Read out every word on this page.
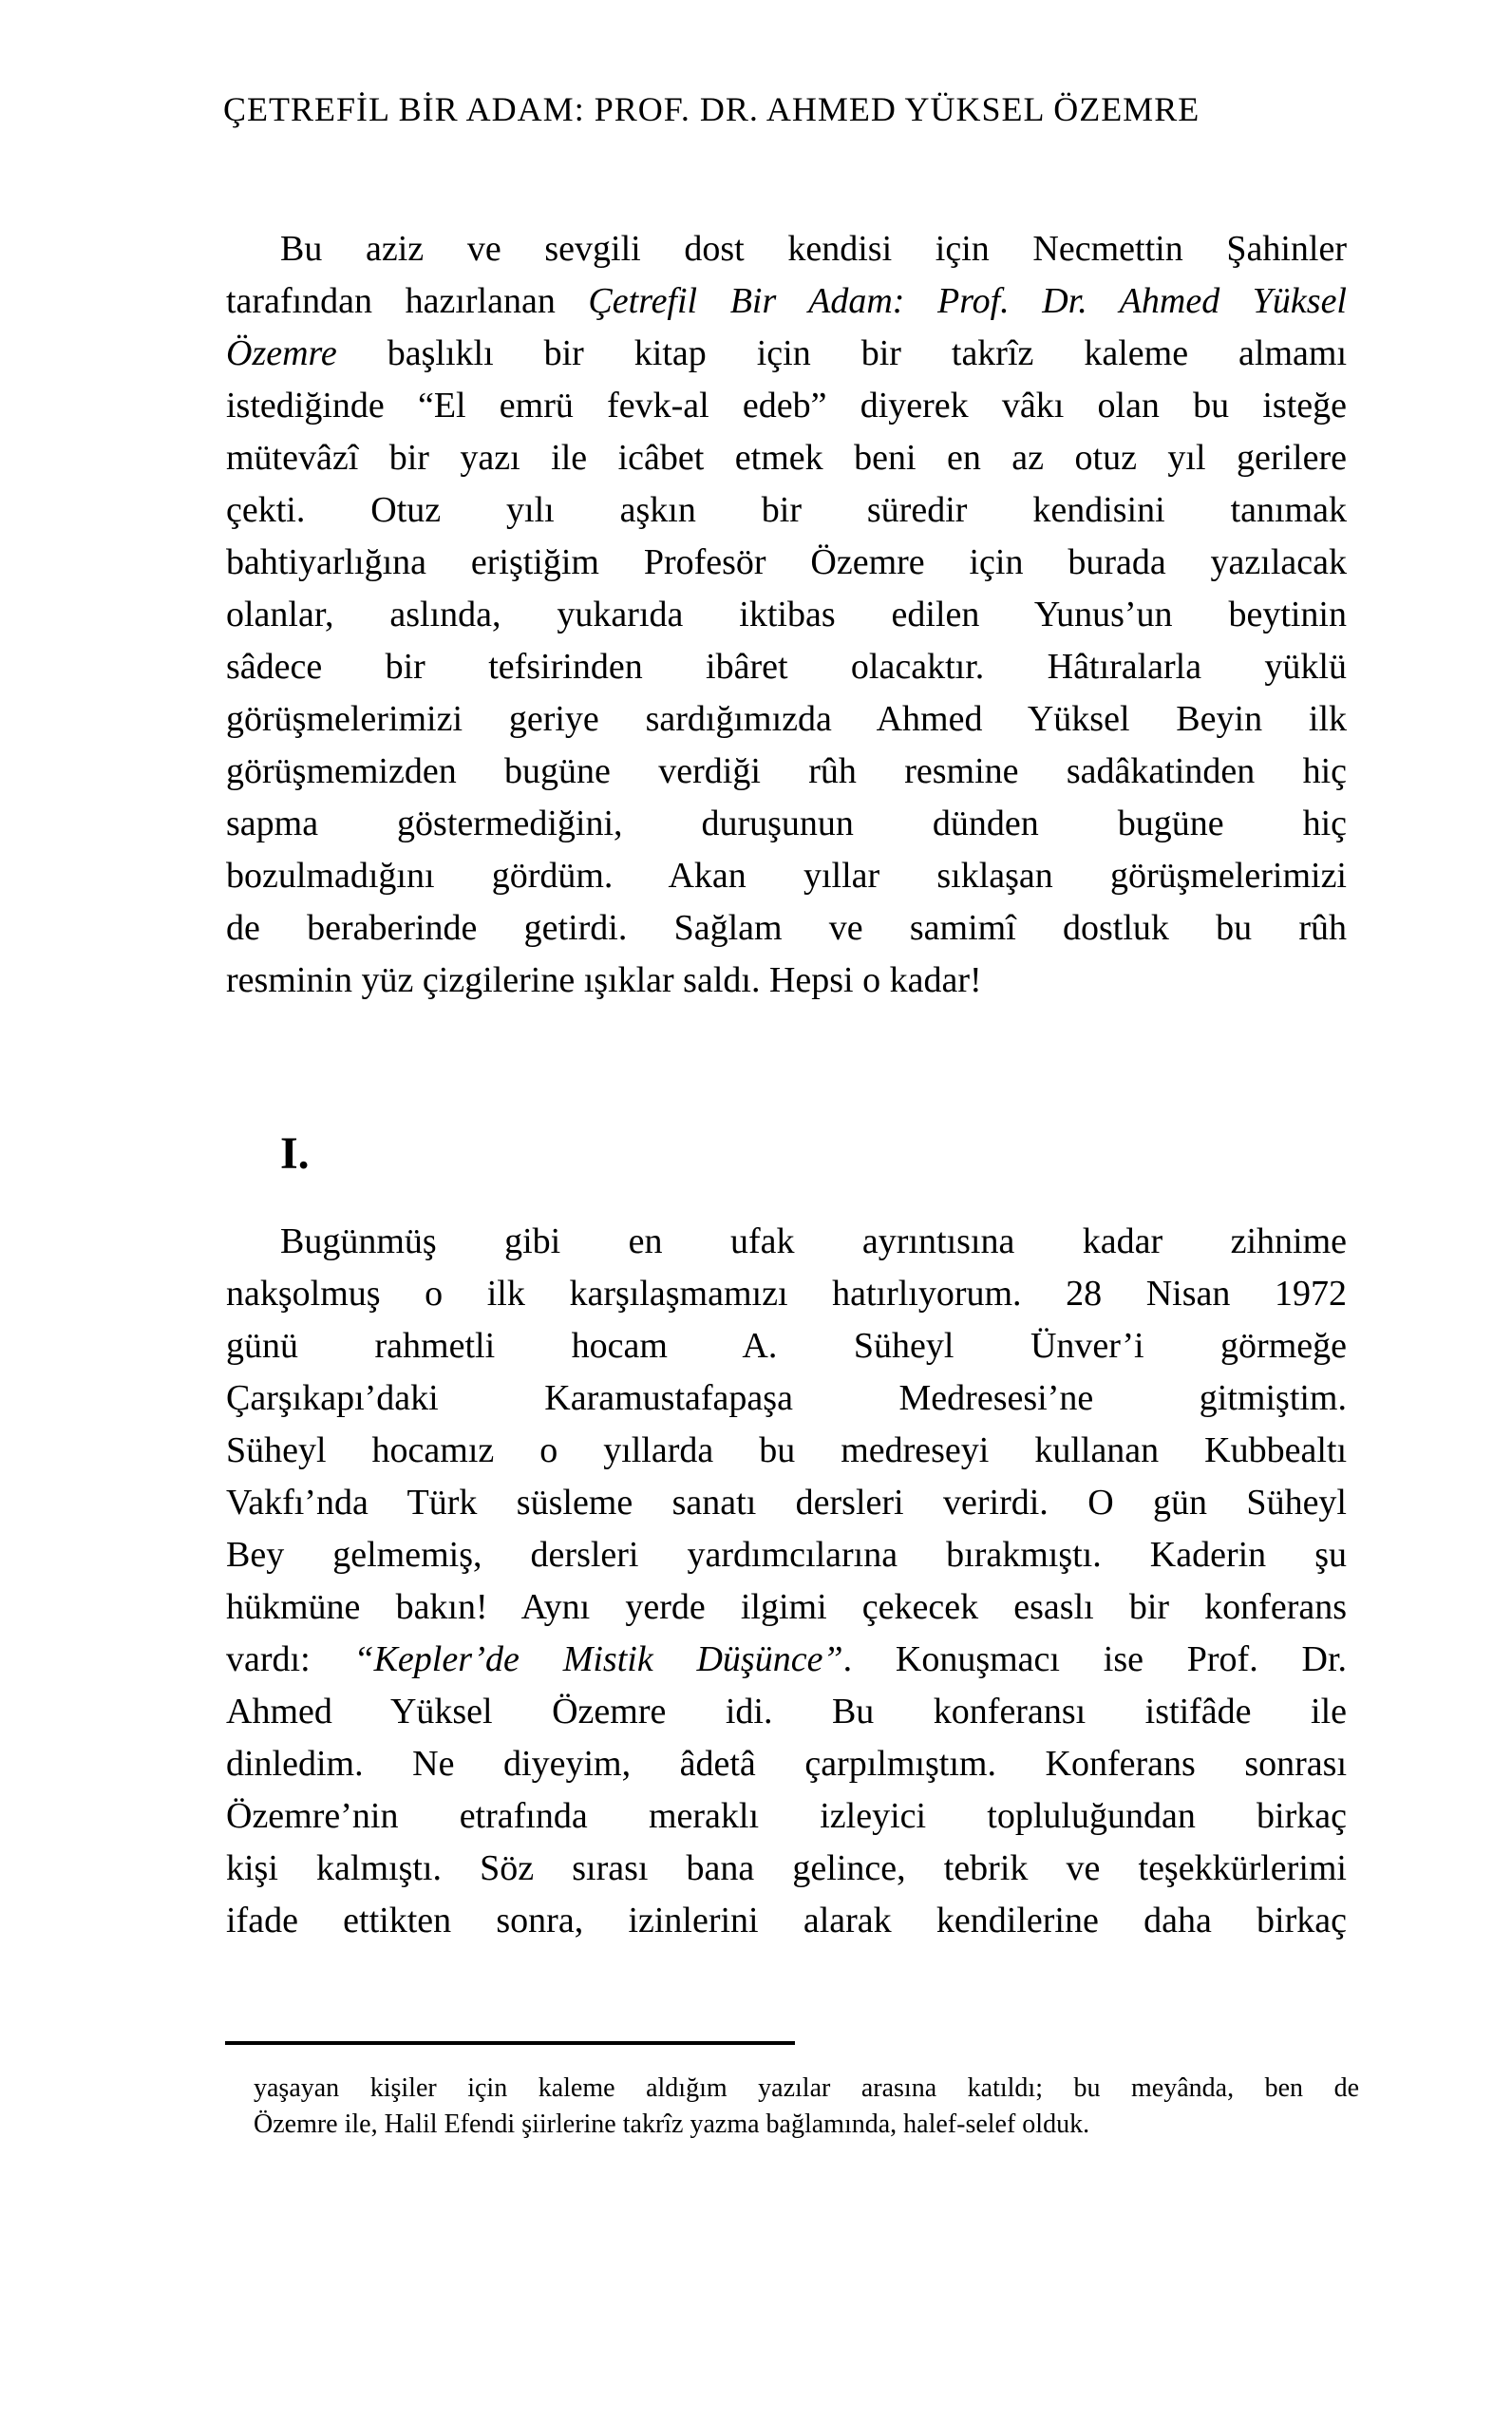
ÇETREFİL BİR ADAM: PROF. DR. AHMED YÜKSEL ÖZEMRE
Bu aziz ve sevgili dost kendisi için Necmettin Şahinler
tarafından hazırlanan Çetrefil Bir Adam: Prof. Dr. Ahmed Yüksel
Özemre başlıklı bir kitap için bir takrîz kaleme almamı
istediğinde “El emrü fevk-al edeb” diyerek vâkı olan bu isteğe
mütevâzî bir yazı ile icâbet etmek beni en az otuz yıl gerilere
çekti. Otuz yılı aşkın bir süredir kendisini tanımak
bahtiyarlığına eriştiğim Profesör Özemre için burada yazılacak
olanlar, aslında, yukarıda iktibas edilen Yunus’un beytinin
sâdece bir tefsirinden ibâret olacaktır. Hâtıralarla yüklü
görüşmelerimizi geriye sardığımızda Ahmed Yüksel Beyin ilk
görüşmemizden bugüne verdiği rûh resmine sadâkatinden hiç
sapma göstermediğini, duruşunun dünden bugüne hiç
bozulmadığını gördüm. Akan yıllar sıklaşan görüşmelerimizi
de beraberinde getirdi. Sağlam ve samimî dostluk bu rûh
resminin yüz çizgilerine ışıklar saldı. Hepsi o kadar!
I.
Bugünmüş gibi en ufak ayrıntısına kadar zihnime
nakşolmuş o ilk karşılaşmamızı hatırlıyorum. 28 Nisan 1972
günü rahmetli hocam A. Süheyl Ünver’i görmeğe
Çarşıkapı’daki Karamustafapaşa Medresesi’ne gitmiştim.
Süheyl hocamız o yıllarda bu medreseyi kullanan Kubbealtı
Vakfı’nda Türk süsleme sanatı dersleri verirdi. O gün Süheyl
Bey gelmemiş, dersleri yardımcılarına bırakmıştı. Kaderin şu
hükmüne bakın! Aynı yerde ilgimi çekecek esaslı bir konferans
vardı: “Kepler’de Mistik Düşünce”. Konuşmacı ise Prof. Dr.
Ahmed Yüksel Özemre idi. Bu konferansı istifâde ile
dinledim. Ne diyeyim, âdetâ çarpılmıştım. Konferans sonrası
Özemre’nin etrafında meraklı izleyici topluluğundan birkaç
kişi kalmıştı. Söz sırası bana gelince, tebrik ve teşekkürlerimi
ifade ettikten sonra, izinlerini alarak kendilerine daha birkaç
yaşayan kişiler için kaleme aldığım yazılar arasına katıldı; bu meyânda, ben de
Özemre ile, Halil Efendi şiirlerine takrîz yazma bağlamında, halef-selef olduk.
